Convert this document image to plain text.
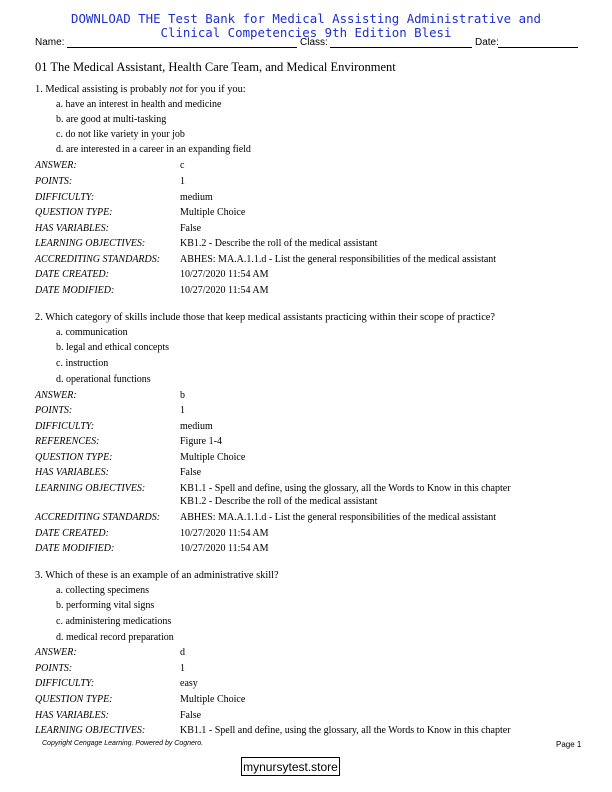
DOWNLOAD THE Test Bank for Medical Assisting Administrative and
Clinical Competencies 9th Edition Blesi
Name:	Class:	Date:
01 The Medical Assistant, Health Care Team, and Medical Environment
1. Medical assisting is probably not for you if you:
a. have an interest in health and medicine
b. are good at multi-tasking
c. do not like variety in your job
d. are interested in a career in an expanding field
ANSWER:	c
POINTS:	1
DIFFICULTY:	medium
QUESTION TYPE:	Multiple Choice
HAS VARIABLES:	False
LEARNING OBJECTIVES:	KB1.2 - Describe the roll of the medical assistant
ACCREDITING STANDARDS: ABHES: MA.A.1.1.d - List the general responsibilities of the medical assistant
DATE CREATED:	10/27/2020 11:54 AM
DATE MODIFIED:	10/27/2020 11:54 AM
2. Which category of skills include those that keep medical assistants practicing within their scope of practice?
a. communication
b. legal and ethical concepts
c. instruction
d. operational functions
ANSWER:	b
POINTS:	1
DIFFICULTY:	medium
REFERENCES:	Figure 1-4
QUESTION TYPE:	Multiple Choice
HAS VARIABLES:	False
LEARNING OBJECTIVES:	KB1.1 - Spell and define, using the glossary, all the Words to Know in this chapter
KB1.2 - Describe the roll of the medical assistant
ACCREDITING STANDARDS: ABHES: MA.A.1.1.d - List the general responsibilities of the medical assistant
DATE CREATED:	10/27/2020 11:54 AM
DATE MODIFIED:	10/27/2020 11:54 AM
3. Which of these is an example of an administrative skill?
a. collecting specimens
b. performing vital signs
c. administering medications
d. medical record preparation
ANSWER:	d
POINTS:	1
DIFFICULTY:	easy
QUESTION TYPE:	Multiple Choice
HAS VARIABLES:	False
LEARNING OBJECTIVES:	KB1.1 - Spell and define, using the glossary, all the Words to Know in this chapter
Copyright Cengage Learning. Powered by Cognero.	Page 1
mynursytest.store
